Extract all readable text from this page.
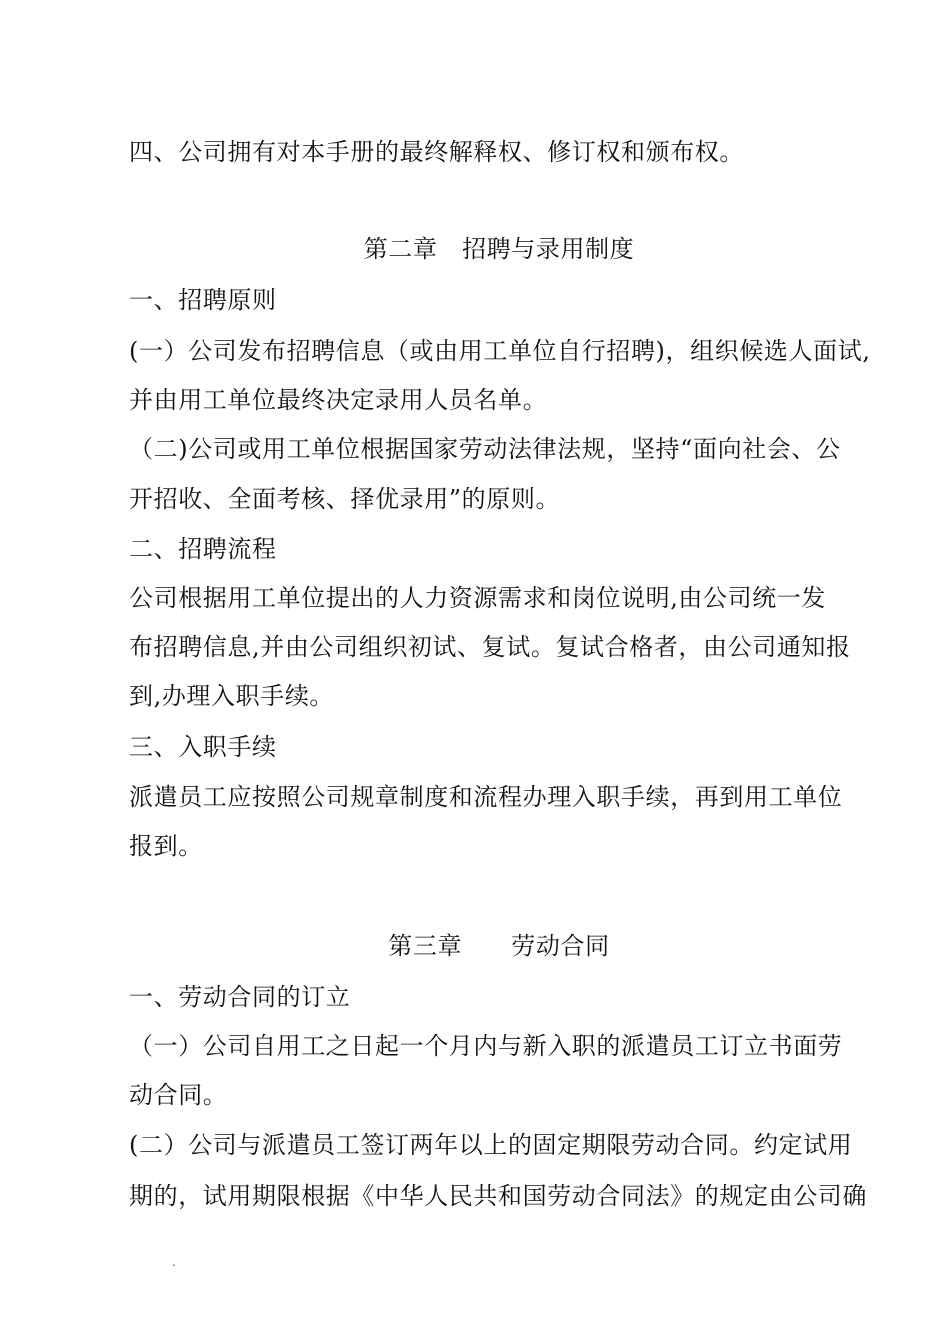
四、公司拥有对本手册的最终解释权、修订权和颁布权。
第二章　招聘与录用制度
一、招聘原则
(一）公司发布招聘信息（或由用工单位自行招聘)，组织候选人面试,
并由用工单位最终决定录用人员名单。
（二)公司或用工单位根据国家劳动法律法规，坚持“面向社会、公
开招收、全面考核、择优录用”的原则。
二、招聘流程
公司根据用工单位提出的人力资源需求和岗位说明,由公司统一发
布招聘信息,并由公司组织初试、复试。复试合格者，由公司通知报
到,办理入职手续。
三、入职手续
派遣员工应按照公司规章制度和流程办理入职手续，再到用工单位
报到。
第三章　　劳动合同
一、劳动合同的订立
（一）公司自用工之日起一个月内与新入职的派遣员工订立书面劳
动合同。
(二）公司与派遣员工签订两年以上的固定期限劳动合同。约定试用
期的，试用期限根据《中华人民共和国劳动合同法》的规定由公司确
.
